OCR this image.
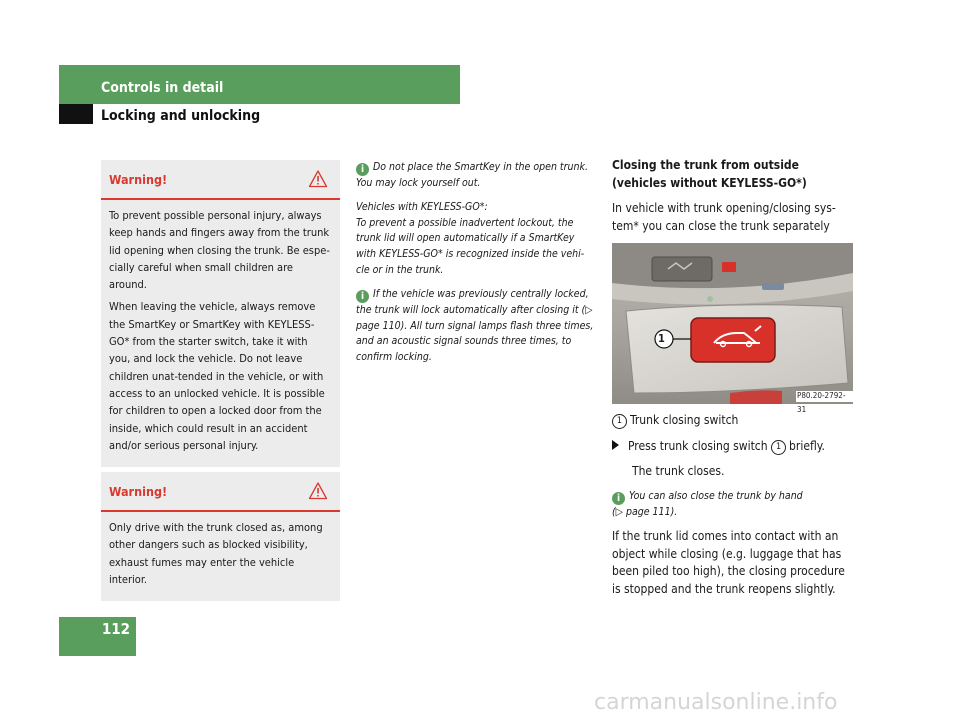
Controls in detail
Locking and unlocking
Warning!

To prevent possible personal injury, always keep hands and fingers away from the trunk lid opening when closing the trunk. Be espe-cially careful when small children are around.

When leaving the vehicle, always remove the SmartKey or SmartKey with KEYLESS-GO* from the starter switch, take it with you, and lock the vehicle. Do not leave children unat-tended in the vehicle, or with access to an unlocked vehicle. It is possible for children to open a locked door from the inside, which could result in an accident and/or serious personal injury.

Warning!

Only drive with the trunk closed as, among other dangers such as blocked visibility, exhaust fumes may enter the vehicle interior.

i Do not place the SmartKey in the open trunk. You may lock yourself out.

Vehicles with KEYLESS-GO*:
To prevent a possible inadvertent lockout, the trunk lid will open automatically if a SmartKey with KEYLESS-GO* is recognized inside the vehi-cle or in the trunk.

i If the vehicle was previously centrally locked, the trunk will lock automatically after closing it (▷ page 110). All turn signal lamps flash three times, and an acoustic signal sounds three times, to confirm locking.

Closing the trunk from outside
(vehicles without KEYLESS-GO*)

In vehicle with trunk opening/closing sys-tem* you can close the trunk separately

1
P80.20-2792-31

1 Trunk closing switch

Press trunk closing switch 1 briefly.

The trunk closes.

i You can also close the trunk by hand
(▷ page 111).

If the trunk lid comes into contact with an object while closing (e.g. luggage that has been piled too high), the closing procedure is stopped and the trunk reopens slightly.

112
carmanualsonline.info
